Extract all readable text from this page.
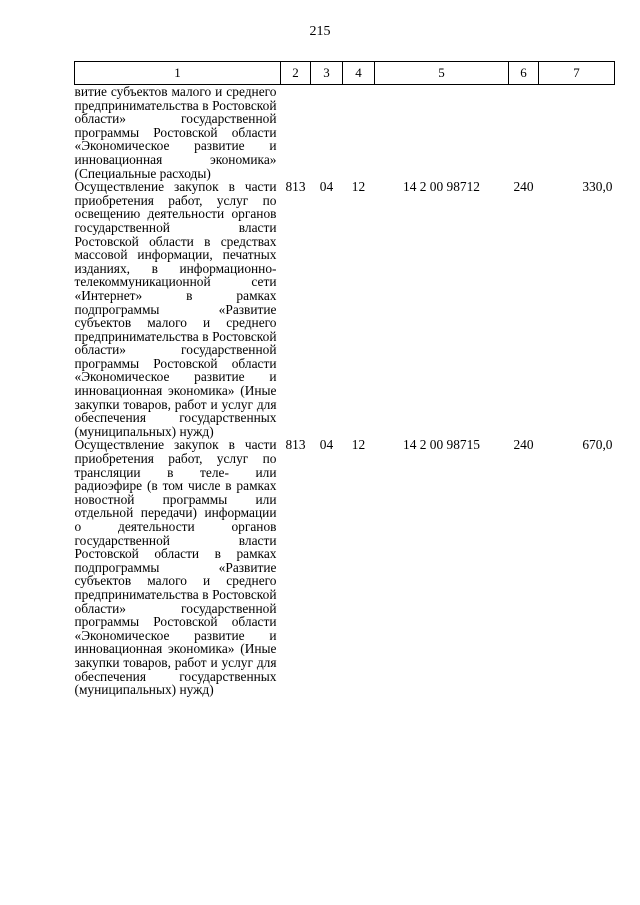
215
1	2	3	4	5	6	7
витие субъектов малого и среднего предпринимательства в Ростовской области» государственной программы Ростовской области «Экономическое развитие и инновационная экономика» (Специальные расходы)						
Осуществление закупок в части приобретения работ, услуг по освещению деятельности органов государственной власти Ростовской области в средствах массовой информации, печатных изданиях, в информационно-телекоммуникационной сети «Интернет» в рамках подпрограммы «Развитие субъектов малого и среднего предпринимательства в Ростовской области» государственной программы Ростовской области «Экономическое развитие и инновационная экономика» (Иные закупки товаров, работ и услуг для обеспечения государственных (муниципальных) нужд)	813	04	12	14 2 00 98712	240	330,0
Осуществление закупок в части приобретения работ, услуг по трансляции в теле- или радиоэфире (в том числе в рамках новостной программы или отдельной передачи) информации о деятельности органов государственной власти Ростовской области в рамках подпрограммы «Развитие субъектов малого и среднего предпринимательства в Ростовской области» государственной программы Ростовской области «Экономическое развитие и инновационная экономика» (Иные закупки товаров, работ и услуг для обеспечения государственных (муниципальных) нужд)	813	04	12	14 2 00 98715	240	670,0
